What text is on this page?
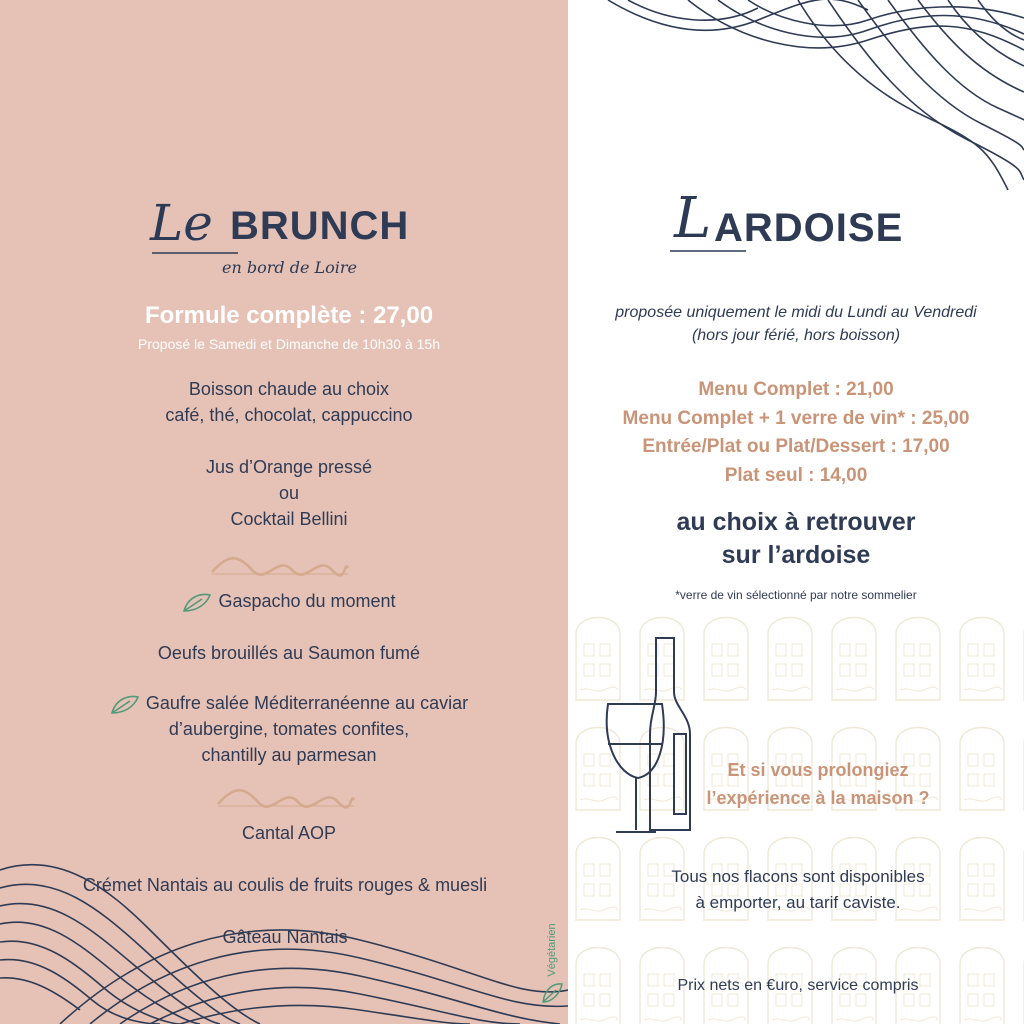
Le BRUNCH
en bord de Loire
Formule complète : 27,00
Proposé le Samedi et Dimanche de 10h30 à 15h
Boisson chaude au choix
café, thé, chocolat, cappuccino
Jus d’Orange pressé
ou
Cocktail Bellini
Gaspacho du moment
Oeufs brouillés au Saumon fumé
Gaufre salée Méditerranéenne au caviar
d’aubergine, tomates confites,
chantilly au parmesan
Cantal AOP
Crémet Nantais au coulis de fruits rouges & muesli
Gâteau Nantais	Végétarien
L ARDOISE
proposée uniquement le midi du Lundi au Vendredi
(hors jour férié, hors boisson)
Menu Complet : 21,00
Menu Complet + 1 verre de vin* : 25,00
Entrée/Plat ou Plat/Dessert : 17,00
Plat seul : 14,00
au choix à retrouver
sur l’ardoise
*verre de vin sélectionné par notre sommelier
Et si vous prolongiez
l’expérience à la maison ?
Tous nos flacons sont disponibles
à emporter, au tarif caviste.
Prix nets en €uro, service compris
